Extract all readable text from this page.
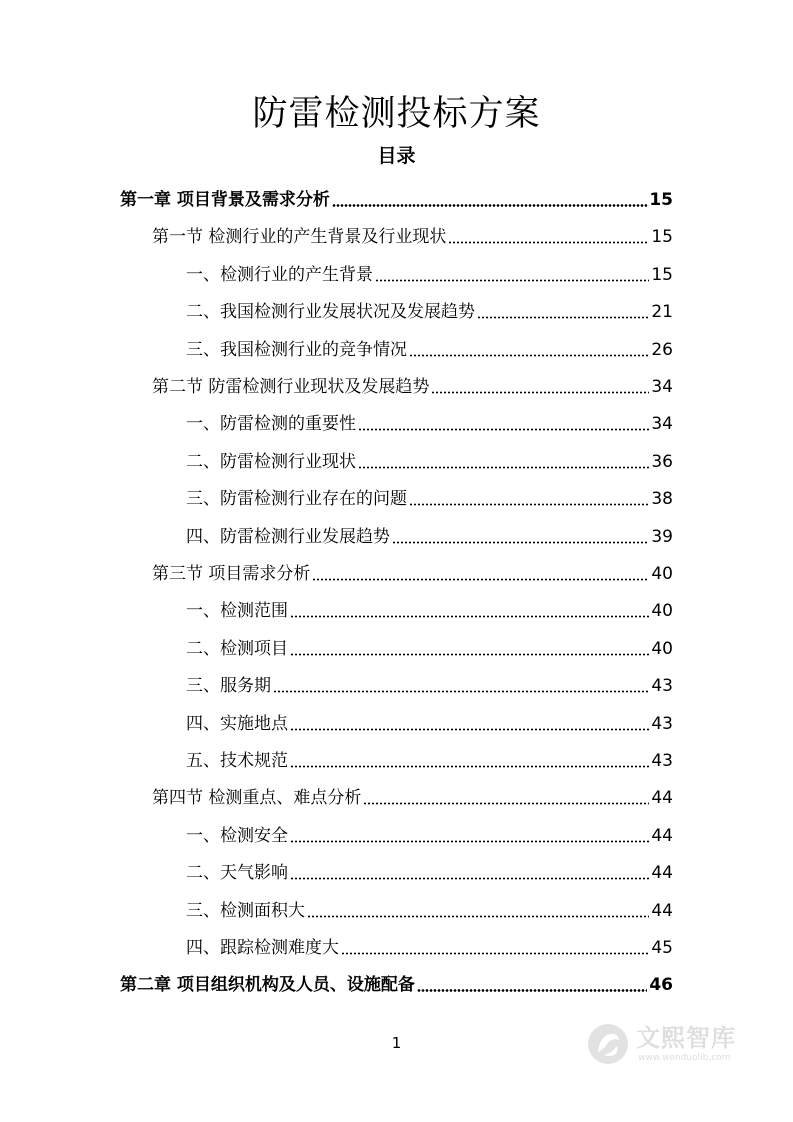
防雷检测投标方案
目录
第一章 项目背景及需求分析	15
第一节 检测行业的产生背景及行业现状	15
一、检测行业的产生背景	15
二、我国检测行业发展状况及发展趋势	21
三、我国检测行业的竞争情况	26
第二节 防雷检测行业现状及发展趋势	34
一、防雷检测的重要性	34
二、防雷检测行业现状	36
三、防雷检测行业存在的问题	38
四、防雷检测行业发展趋势	39
第三节 项目需求分析	40
一、检测范围	40
二、检测项目	40
三、服务期	43
四、实施地点	43
五、技术规范	43
第四节 检测重点、难点分析	44
一、检测安全	44
二、天气影响	44
三、检测面积大	44
四、跟踪检测难度大	45
第二章 项目组织机构及人员、设施配备	46
1	文熙智库
www.wenduolib.com
